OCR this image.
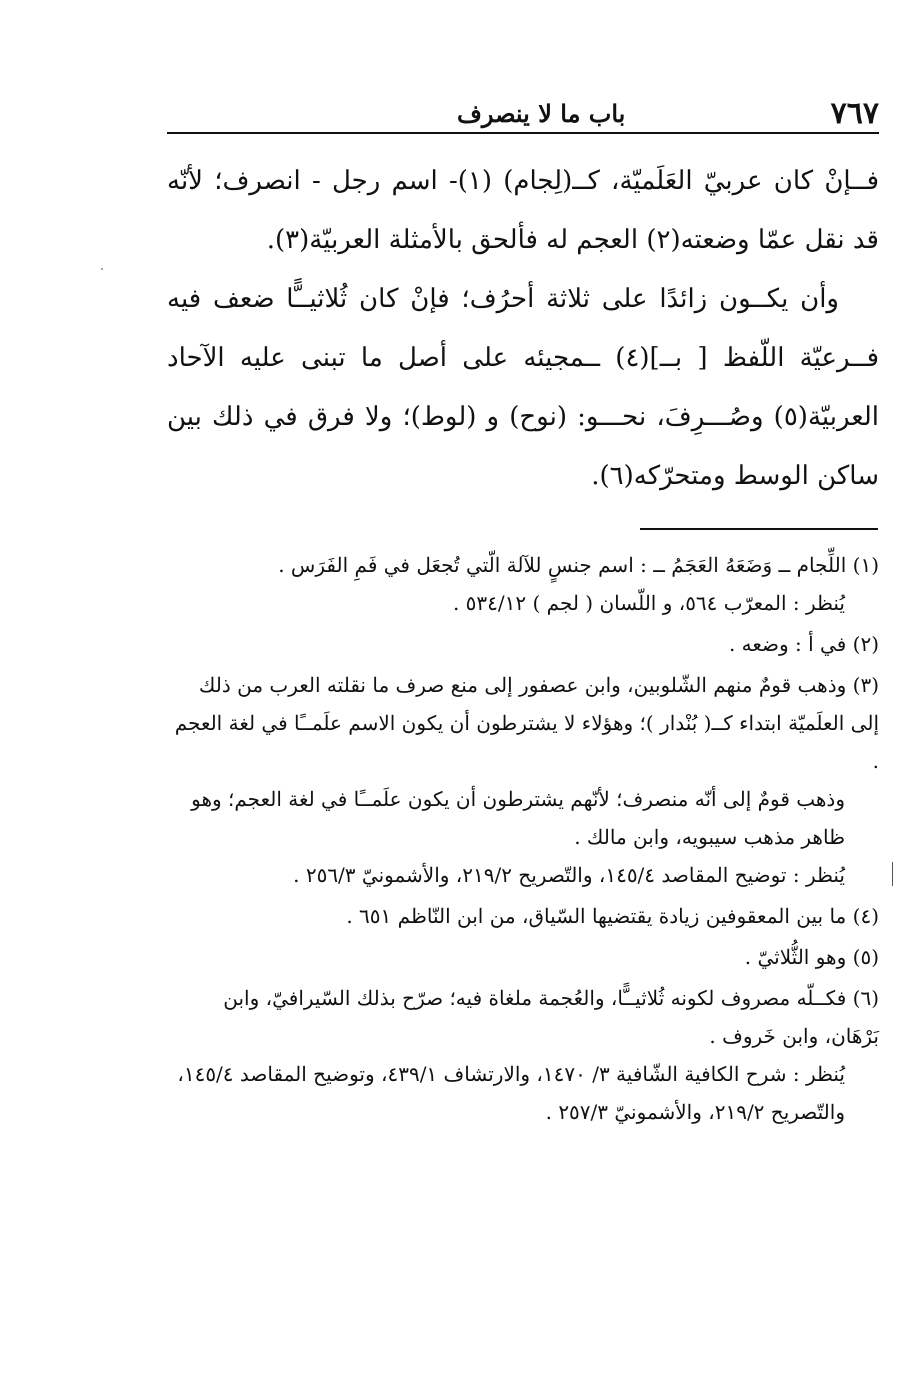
٧٦٧
باب ما لا ينصرف

فــإنْ كان عربيّ العَلَميّة، كــ(لِجام) (١)- اسم رجل - انصرف؛ لأنّه قد نقل عمّا وضعته(٢) العجم له فألحق بالأمثلة العربيّة(٣).

وأن يكــون زائدًا على ثلاثة أحرُف؛ فإنْ كان ثُلاثيــًّا ضعف فيه فــرعيّة اللّفظ [ بــ](٤) ــمجيئه على أصل ما تبنى عليه الآحاد العربيّة(٥) وصُـــرِفَ، نحـــو: (نوح) و (لوط)؛ ولا فرق في ذلك بين ساكن الوسط ومتحرّكه(٦).

(١) اللِّجام ــ وَضَعَهُ العَجَمُ ــ : اسم جنسٍ للآلة الّتي تُجعَل في فَمِ الفَرَس .

يُنظر : المعرّب ٥٦٤، و اللّسان ( لجم ) ٥٣٤/١٢ .

(٢) في أ : وضعه .

(٣) وذهب قومٌ منهم الشّلوبين، وابن عصفور إلى منع صرف ما نقلته العرب من ذلك إلى العلَميّة ابتداء كــ( بُنْدار )؛ وهؤلاء لا يشترطون أن يكون الاسم علَمــًا في لغة العجم .

وذهب قومٌ إلى أنّه منصرف؛ لأنّهم يشترطون أن يكون علَمــًا في لغة العجم؛ وهو ظاهر مذهب سيبويه، وابن مالك .

يُنظر : توضيح المقاصد ١٤٥/٤، والتّصريح ٢١٩/٢، والأشمونيّ ٢٥٦/٣ .

(٤) ما بين المعقوفين زيادة يقتضيها السّياق، من ابن النّاظم ٦٥١ .

(٥) وهو الثُّلاثيّ .

(٦) فكــلّه مصروف لكونه ثُلاثيــًّا، والعُجمة ملغاة فيه؛ صرّح بذلك السّيرافيّ، وابن بَرْهَان، وابن خَروف .

يُنظر : شرح الكافية الشّافية ٣/ ١٤٧٠، والارتشاف ٤٣٩/١، وتوضيح المقاصد ١٤٥/٤، والتّصريح ٢١٩/٢، والأشمونيّ ٢٥٧/٣ .
